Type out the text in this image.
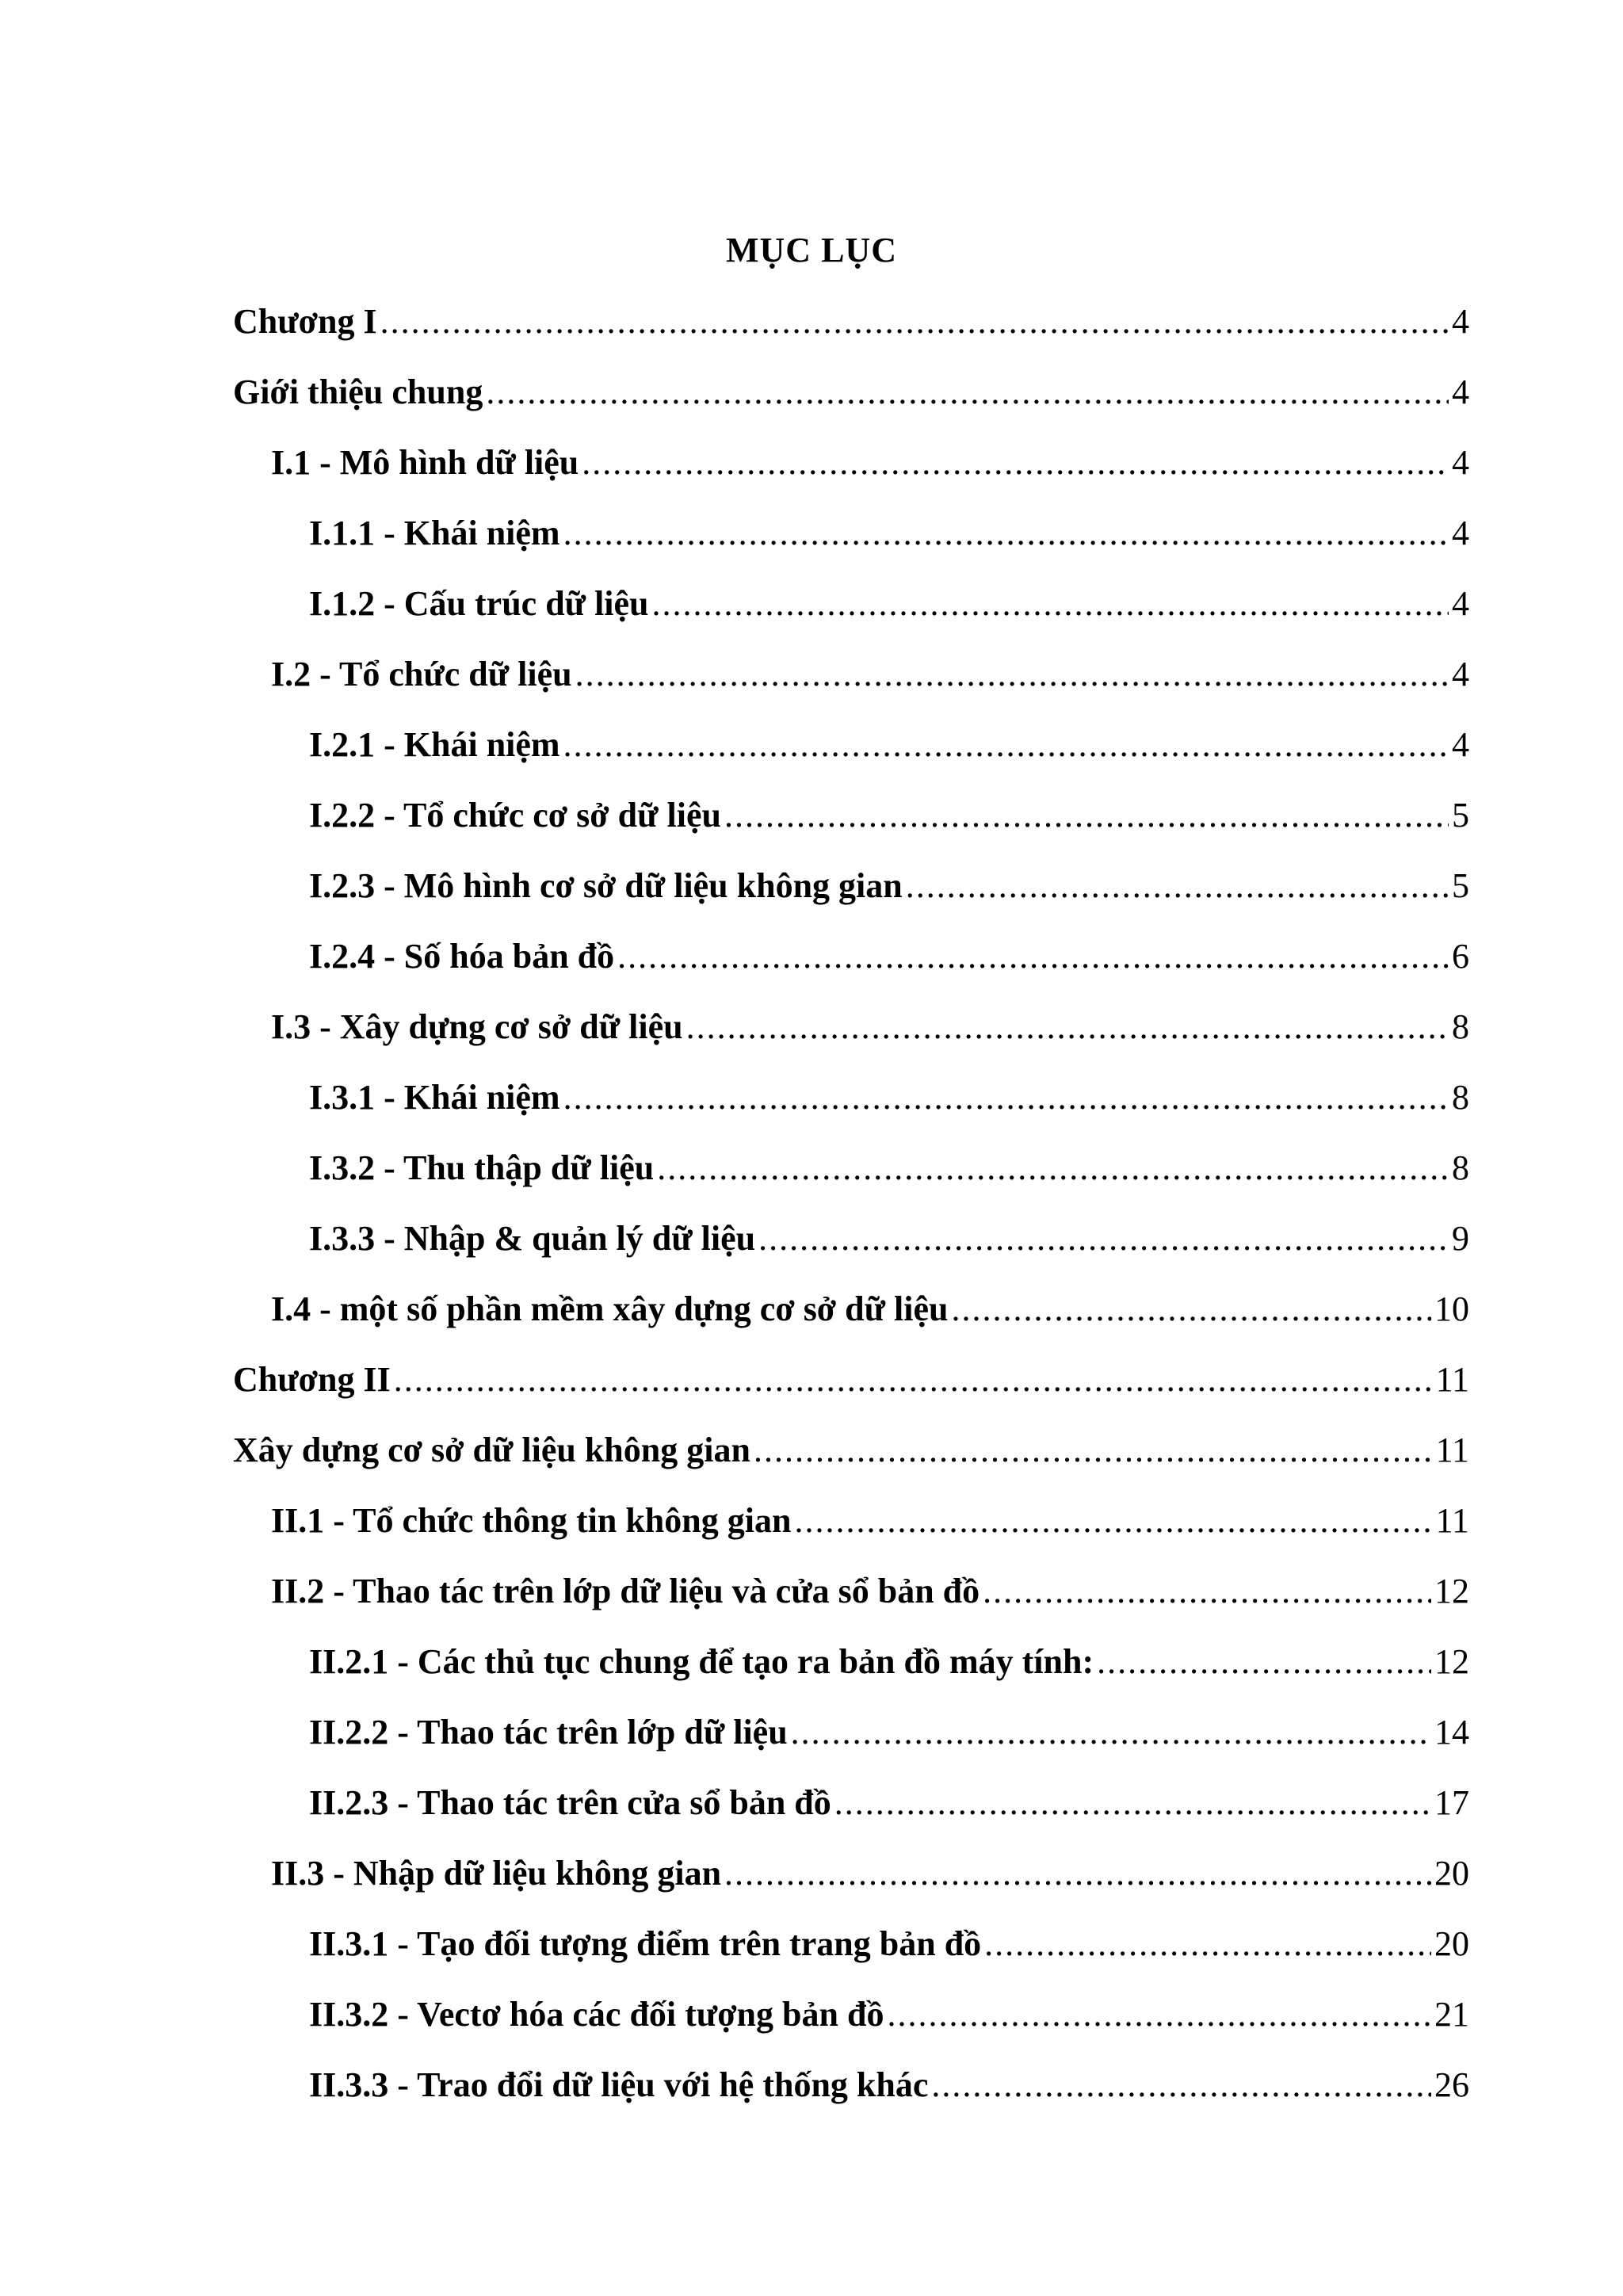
MỤC LỤC
Chương I .....	4
Giới thiệu chung .....	4
I.1 - Mô hình dữ liệu .....	4
I.1.1 - Khái niệm .....	4
I.1.2 - Cấu trúc dữ liệu .....	4
I.2 - Tổ chức dữ liệu .....	4
I.2.1 - Khái niệm .....	4
I.2.2 - Tổ chức cơ sở dữ liệu .....	5
I.2.3 - Mô hình cơ sở dữ liệu không gian .....	5
I.2.4 - Số hóa bản đồ .....	6
I.3 - Xây dựng cơ sở dữ liệu .....	8
I.3.1 - Khái niệm .....	8
I.3.2 - Thu thập dữ liệu .....	8
I.3.3 - Nhập & quản lý dữ liệu .....	9
I.4 - một số phần mềm xây dựng cơ sở dữ liệu .....	10
Chương II .....	11
Xây dựng cơ sở dữ liệu không gian .....	11
II.1 - Tổ chức thông tin không gian .....	11
II.2 - Thao tác trên lớp dữ liệu và cửa sổ bản đồ .....	12
II.2.1 - Các thủ tục chung để tạo ra bản đồ máy tính: .....	12
II.2.2 - Thao tác trên lớp dữ liệu .....	14
II.2.3 - Thao tác trên cửa sổ bản đồ .....	17
II.3 - Nhập dữ liệu không gian .....	20
II.3.1 - Tạo đối tượng điểm trên trang bản đồ .....	20
II.3.2 - Vectơ hóa các đối tượng bản đồ .....	21
II.3.3 - Trao đổi dữ liệu với hệ thống khác .....	26
